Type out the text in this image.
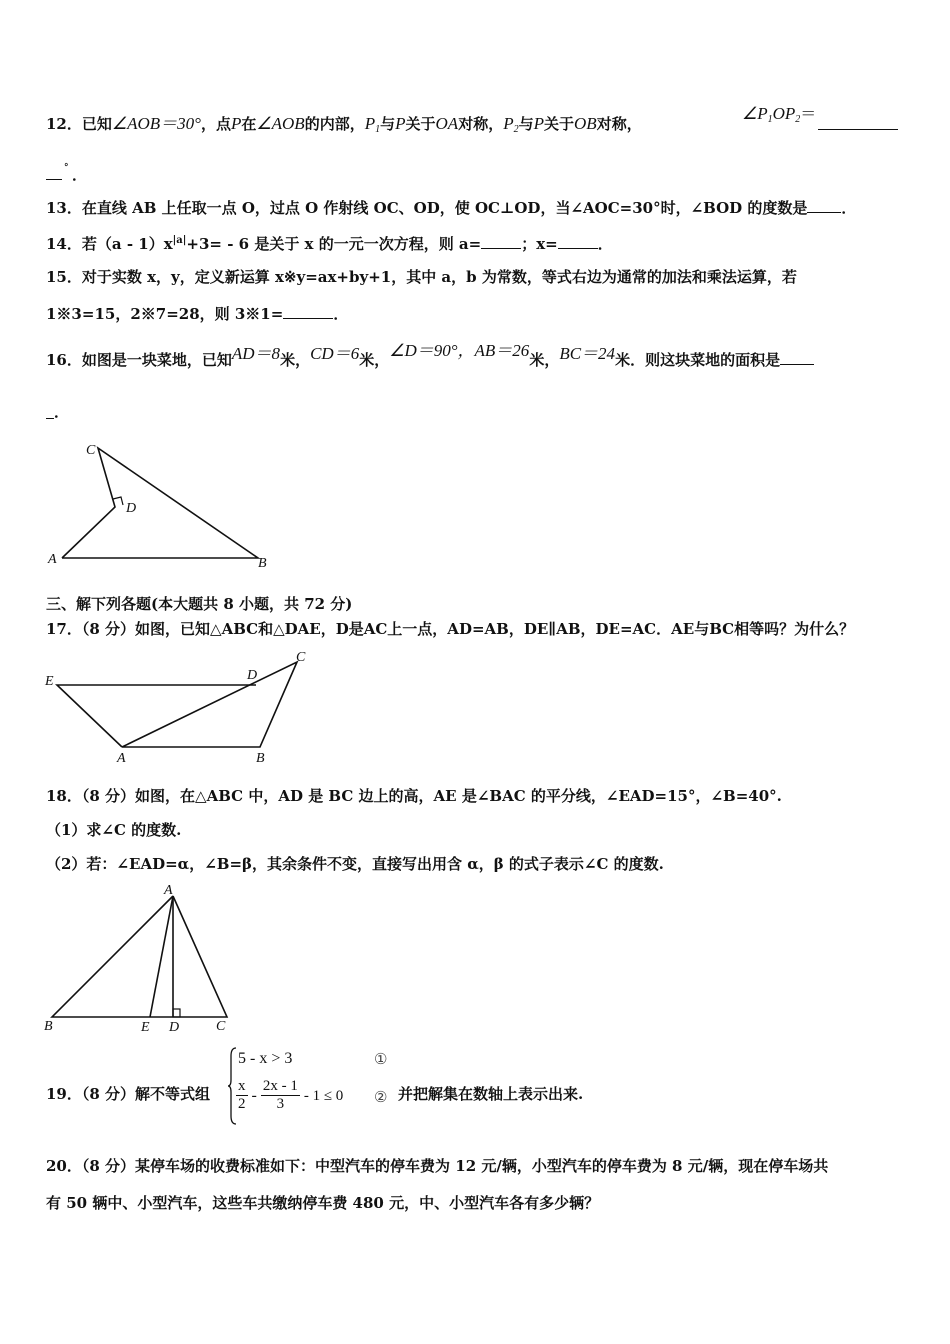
12．已知∠AOB＝30°，点P在∠AOB的内部，$P_1$与P关于OA对称，$P_2$与P关于OB对称，
$\angle P_1OP_2=$
° ．
13．在直线 AB 上任取一点 O，过点 O 作射线 OC、OD，使 OC⊥OD，当∠AOC=30°时，∠BOD 的度数是 ．
14．若$(a - 1)x^{|a|}+3= - 6$ 是关于 x 的一元一次方程，则 a=	；x=	．
15．对于实数 x，y，定义新运算 x※y=ax+by+1，其中 a，b 为常数，等式右边为通常的加法和乘法运算，若
1※3=15，2※7=28，则 3※1=	．
16．如图是一块菜地，已知AD＝8米，CD＝6米，∠D＝90°，AB＝26米，BC＝24米．则这块菜地的面积是
．
C
D
A	B
三、解下列各题(本大题共 8 小题，共 72 分)
17．（8 分）如图，已知△ABC和△DAE，D是AC上一点，AD=AB，DE∥AB，DE=AC．AE与BC相等吗？为什么？
E	D
C
A	B
18．（8 分）如图，在△ABC 中，AD 是 BC 边上的高，AE 是∠BAC 的平分线，∠EAD=15°，∠B=40°.
（1）求∠C 的度数.
（2）若：∠EAD=α，∠B=β，其余条件不变，直接写出用含 α，β 的式子表示∠C 的度数.
A
B	E D	C
19．（8 分）解不等式组
5 - x > 3	①
$\frac{x}{2} - \frac{2x - 1}{3} - 1 \le 0$ ② 并把解集在数轴上表示出来.
20．（8 分）某停车场的收费标准如下：中型汽车的停车费为 12 元/辆，小型汽车的停车费为 8 元/辆，现在停车场共
有 50 辆中、小型汽车，这些车共缴纳停车费 480 元，中、小型汽车各有多少辆？
